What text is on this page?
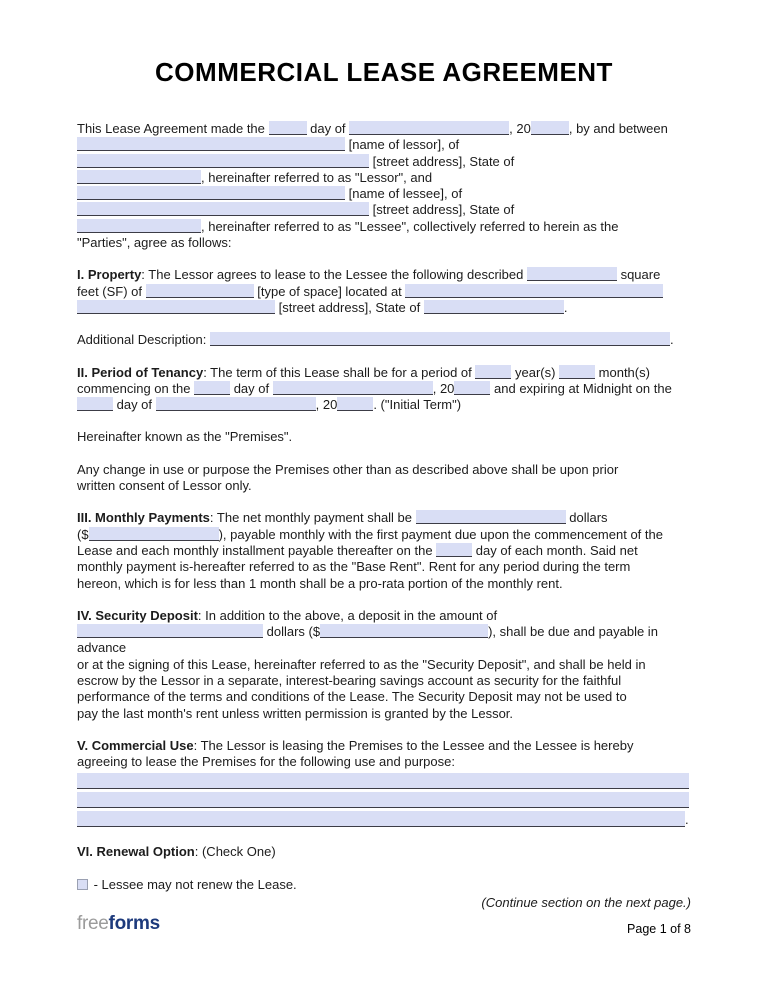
COMMERCIAL LEASE AGREEMENT
This Lease Agreement made the	day of	, 20	, by and between
[name of lessor], of
[street address], State of
, hereinafter referred to as "Lessor", and
[name of lessee], of
[street address], State of
, hereinafter referred to as "Lessee", collectively referred to herein as the
"Parties", agree as follows:
I. Property: The Lessor agrees to lease to the Lessee the following described	square
feet (SF) of	[type of space] located at
[street address], State of	.
Additional Description:	.
II. Period of Tenancy: The term of this Lease shall be for a period of	year(s)	month(s)
commencing on the	day of	, 20	and expiring at Midnight on the
day of	, 20	. ("Initial Term")
Hereinafter known as the "Premises".
Any change in use or purpose the Premises other than as described above shall be upon prior
written consent of Lessor only.
III. Monthly Payments: The net monthly payment shall be	dollars
($	), payable monthly with the first payment due upon the commencement of the
Lease and each monthly installment payable thereafter on the	day of each month. Said net
monthly payment is-hereafter referred to as the "Base Rent". Rent for any period during the term
hereon, which is for less than 1 month shall be a pro-rata portion of the monthly rent.
IV. Security Deposit: In addition to the above, a deposit in the amount of
dollars ($	), shall be due and payable in advance
or at the signing of this Lease, hereinafter referred to as the "Security Deposit", and shall be held in
escrow by the Lessor in a separate, interest-bearing savings account as security for the faithful
performance of the terms and conditions of the Lease. The Security Deposit may not be used to
pay the last month's rent unless written permission is granted by the Lessor.
V. Commercial Use: The Lessor is leasing the Premises to the Lessee and the Lessee is hereby
agreeing to lease the Premises for the following use and purpose:

.
VI. Renewal Option: (Check One)
- Lessee may not renew the Lease.
(Continue section on the next page.)
freeforms	Page 1 of 8
